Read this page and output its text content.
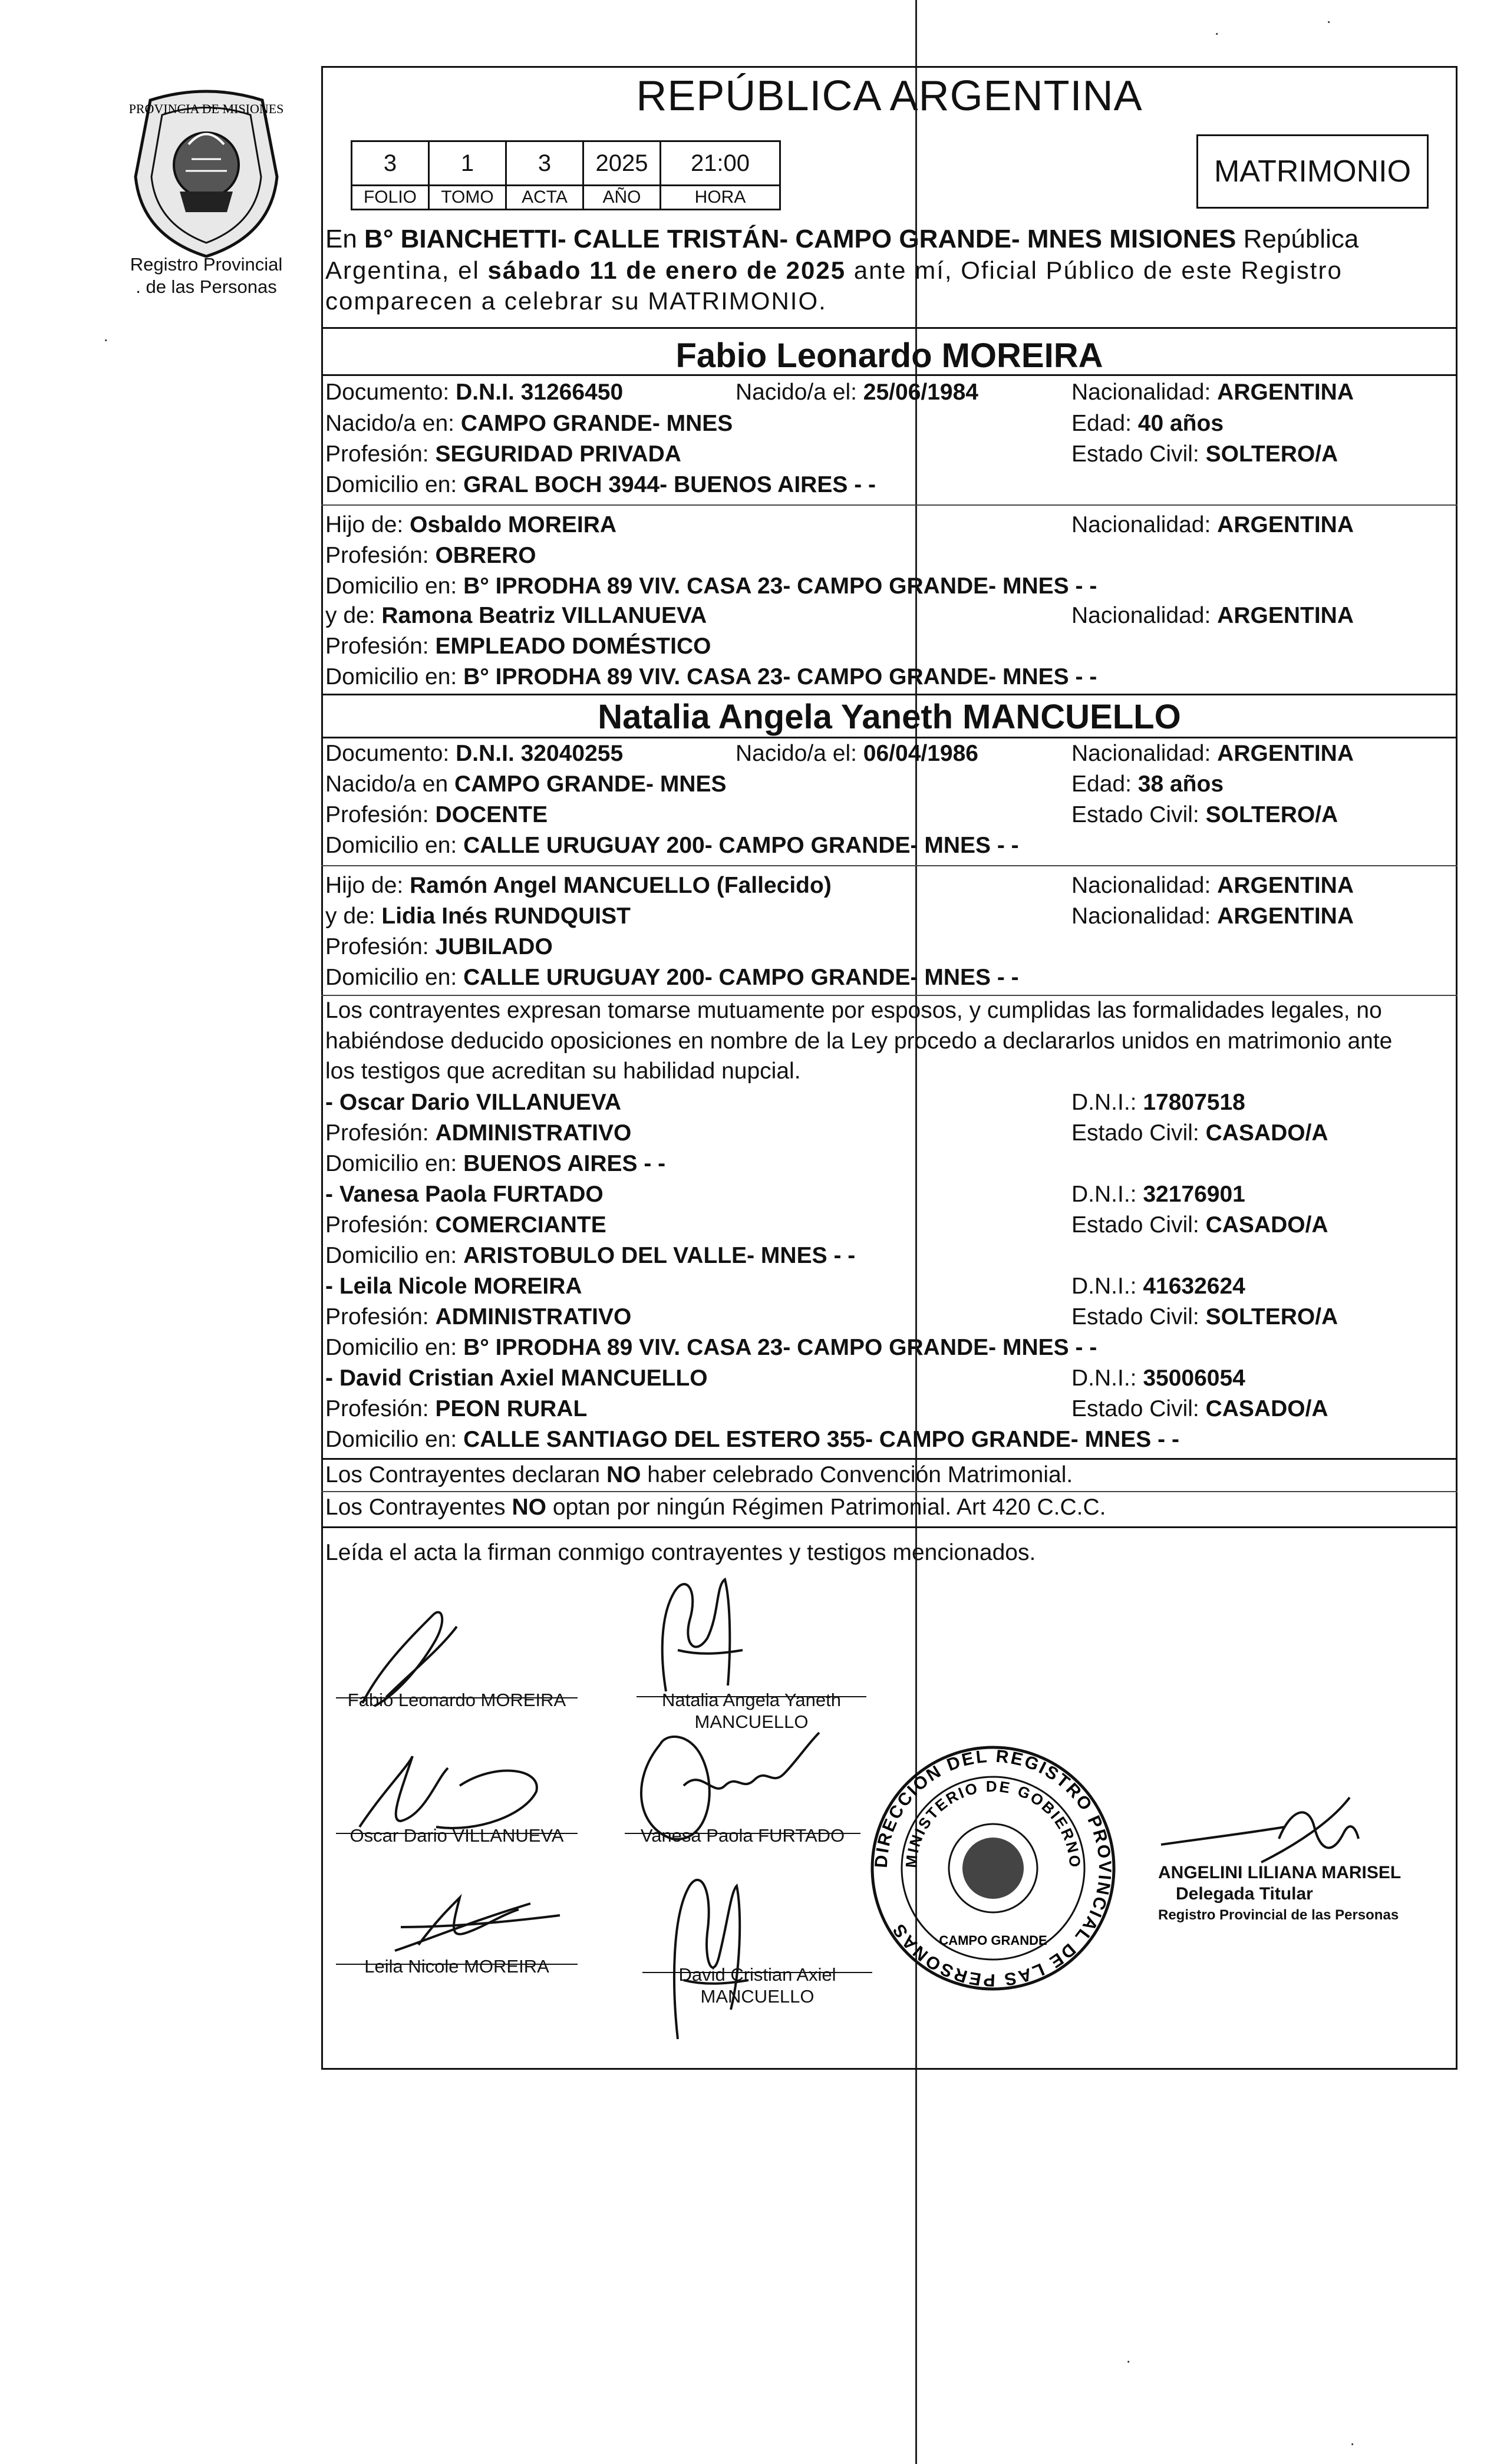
PROVINCIA DE MISIONES
Registro Provincial
. de las Personas
REPÚBLICA ARGENTINA
3	1	3	2025	21:00
FOLIO	TOMO	ACTA	AÑO	HORA
MATRIMONIO
En B° BIANCHETTI- CALLE TRISTÁN- CAMPO GRANDE- MNES MISIONES República
Argentina, el sábado 11 de enero de 2025 ante mí, Oficial Público de este Registro
comparecen a celebrar su MATRIMONIO.
Fabio Leonardo MOREIRA
Documento: D.N.I. 31266450	Nacido/a el: 25/06/1984	Nacionalidad: ARGENTINA
Nacido/a en: CAMPO GRANDE- MNES	Edad: 40 años
Profesión: SEGURIDAD PRIVADA	Estado Civil: SOLTERO/A
Domicilio en: GRAL BOCH 3944- BUENOS AIRES - -
Hijo de: Osbaldo MOREIRA	Nacionalidad: ARGENTINA
Profesión: OBRERO
Domicilio en: B° IPRODHA 89 VIV. CASA 23- CAMPO GRANDE- MNES - -
y de: Ramona Beatriz VILLANUEVA	Nacionalidad: ARGENTINA
Profesión: EMPLEADO DOMÉSTICO
Domicilio en: B° IPRODHA 89 VIV. CASA 23- CAMPO GRANDE- MNES - -
Natalia Angela Yaneth MANCUELLO
Documento: D.N.I. 32040255	Nacido/a el: 06/04/1986	Nacionalidad: ARGENTINA
Nacido/a en CAMPO GRANDE- MNES	Edad: 38 años
Profesión: DOCENTE	Estado Civil: SOLTERO/A
Domicilio en: CALLE URUGUAY 200- CAMPO GRANDE- MNES - -
Hijo de: Ramón Angel MANCUELLO (Fallecido)	Nacionalidad: ARGENTINA
y de: Lidia Inés RUNDQUIST	Nacionalidad: ARGENTINA
Profesión: JUBILADO
Domicilio en: CALLE URUGUAY 200- CAMPO GRANDE- MNES - -
Los contrayentes expresan tomarse mutuamente por esposos, y cumplidas las formalidades legales, no
habiéndose deducido oposiciones en nombre de la Ley procedo a declararlos unidos en matrimonio ante
los testigos que acreditan su habilidad nupcial.
- Oscar Dario VILLANUEVA	D.N.I.: 17807518
Profesión: ADMINISTRATIVO	Estado Civil: CASADO/A
Domicilio en: BUENOS AIRES - -
- Vanesa Paola FURTADO	D.N.I.: 32176901
Profesión: COMERCIANTE	Estado Civil: CASADO/A
Domicilio en: ARISTOBULO DEL VALLE- MNES - -
- Leila Nicole MOREIRA	D.N.I.: 41632624
Profesión: ADMINISTRATIVO	Estado Civil: SOLTERO/A
Domicilio en: B° IPRODHA 89 VIV. CASA 23- CAMPO GRANDE- MNES - -
- David Cristian Axiel MANCUELLO	D.N.I.: 35006054
Profesión: PEON RURAL	Estado Civil: CASADO/A
Domicilio en: CALLE SANTIAGO DEL ESTERO 355- CAMPO GRANDE- MNES - -
Los Contrayentes declaran NO haber celebrado Convención Matrimonial.
Los Contrayentes NO optan por ningún Régimen Patrimonial. Art 420 C.C.C.
Leída el acta la firman conmigo contrayentes y testigos mencionados.
Fabio Leonardo MOREIRA	Natalia Angela Yaneth
MANCUELLO
Oscar Dario VILLANUEVA	Vanesa Paola FURTADO
Leila Nicole MOREIRA	David Cristian Axiel
MANCUELLO
DIRECCIÓN DEL REGISTRO PROVINCIAL DE LAS PERSONAS
MINISTERIO DE GOBIERNO
CAMPO GRANDE
ANGELINI LILIANA MARISEL
Delegada Titular
Registro Provincial de las Personas
·
·
·
·
·
